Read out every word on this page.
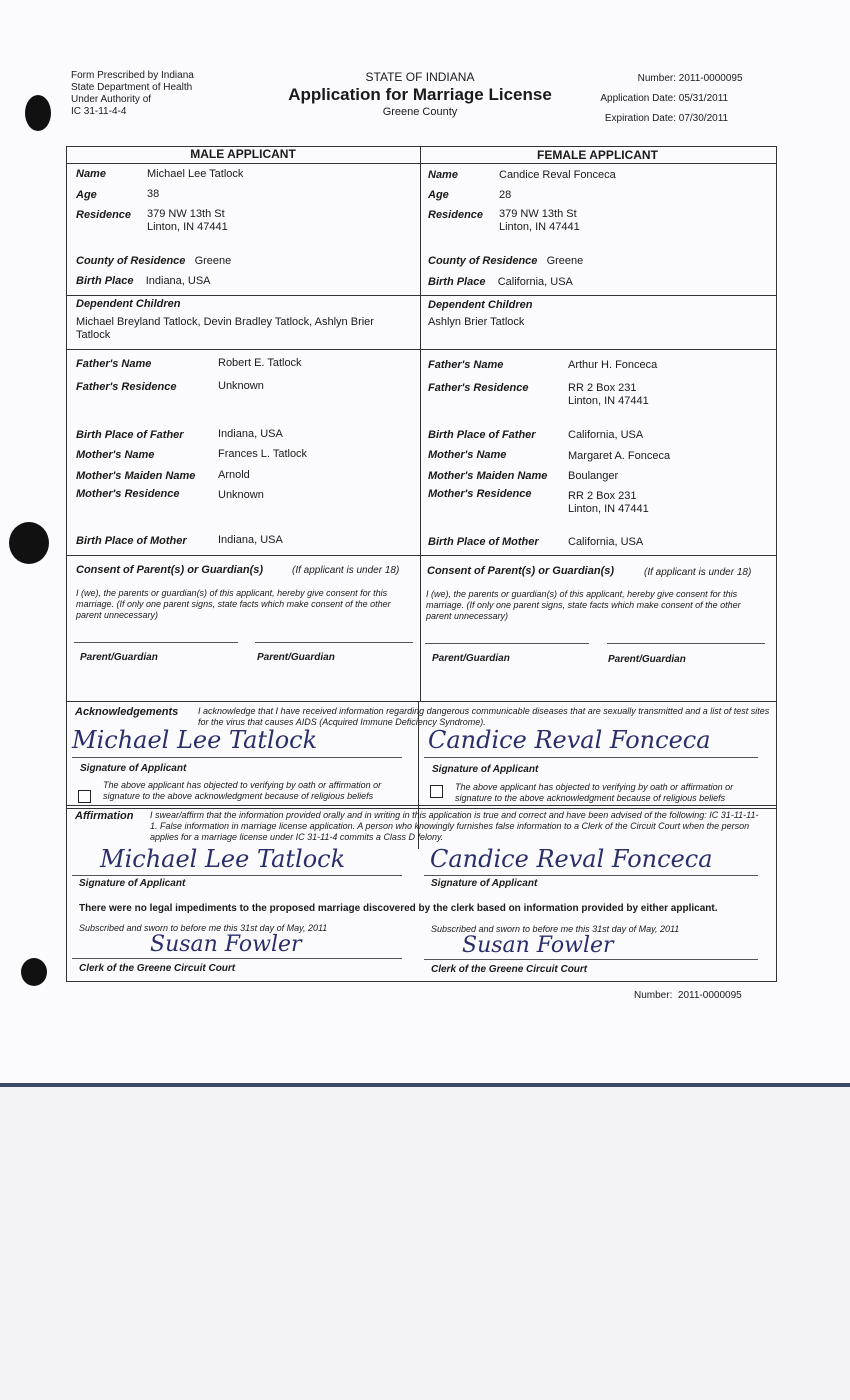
Form Prescribed by Indiana
State Department of Health
Under Authority of
IC 31-11-4-4
STATE OF INDIANA
Application for Marriage License
Greene County
Number: 2011-0000095
Application Date: 05/31/2011
Expiration Date: 07/30/2011
MALE APPLICANT	FEMALE APPLICANT
Name	Michael Lee Tatlock
Age	38
Residence 379 NW 13th St
Linton, IN 47441
County of Residence Greene
Birth Place Indiana, USA
Name	Candice Reval Fonceca
Age	28
Residence 379 NW 13th St
Linton, IN 47441
County of Residence Greene
Birth Place California, USA
Dependent Children
Michael Breyland Tatlock, Devin Bradley Tatlock, Ashlyn Brier Tatlock
Dependent Children
Ashlyn Brier Tatlock
Father's Name	Robert E. Tatlock
Father's Residence	Unknown
Birth Place of Father	Indiana, USA
Mother's Name	Frances L. Tatlock
Mother's Maiden Name Arnold
Mother's Residence	Unknown
Birth Place of Mother	Indiana, USA
Father's Name	Arthur H. Fonceca
Father's Residence	RR 2 Box 231
Linton, IN 47441
Birth Place of Father	California, USA
Mother's Name	Margaret A. Fonceca
Mother's Maiden Name Boulanger
Mother's Residence	RR 2 Box 231
Linton, IN 47441
Birth Place of Mother	California, USA
Consent of Parent(s) or Guardian(s)	(If applicant is under 18)
I (we), the parents or guardian(s) of this applicant, hereby give consent for this marriage. (If only one parent signs, state facts which make consent of the other parent unnecessary)
Parent/Guardian	Parent/Guardian
Consent of Parent(s) or Guardian(s)	(If applicant is under 18)
I (we), the parents or guardian(s) of this applicant, hereby give consent for this marriage. (If only one parent signs, state facts which make consent of the other parent unnecessary)
Parent/Guardian	Parent/Guardian
Acknowledgements I acknowledge that I have received information regarding dangerous communicable diseases that are sexually transmitted and a list of test sites for the virus that causes AIDS (Acquired Immune Deficiency Syndrome).
Michael Lee Tatlock
Signature of Applicant
The above applicant has objected to verifying by oath or affirmation or signature to the above acknowledgment because of religious beliefs
Candice Reval Fonceca
Signature of Applicant
The above applicant has objected to verifying by oath or affirmation or signature to the above acknowledgment because of religious beliefs
Affirmation I swear/affirm that the information provided orally and in writing in this application is true and correct and have been advised of the following: IC 31-11-11-1. False information in marriage license application. A person who knowingly furnishes false information to a Clerk of the Circuit Court when the person applies for a marriage license under IC 31-11-4 commits a Class D felony.
Michael Lee Tatlock
Signature of Applicant
Candice Reval Fonceca
Signature of Applicant
There were no legal impediments to the proposed marriage discovered by the clerk based on information provided by either applicant.
Subscribed and sworn to before me this 31st day of May, 2011
Susan Fowler
Clerk of the Greene Circuit Court
Subscribed and sworn to before me this 31st day of May, 2011
Susan Fowler
Clerk of the Greene Circuit Court
Number: 2011-0000095
